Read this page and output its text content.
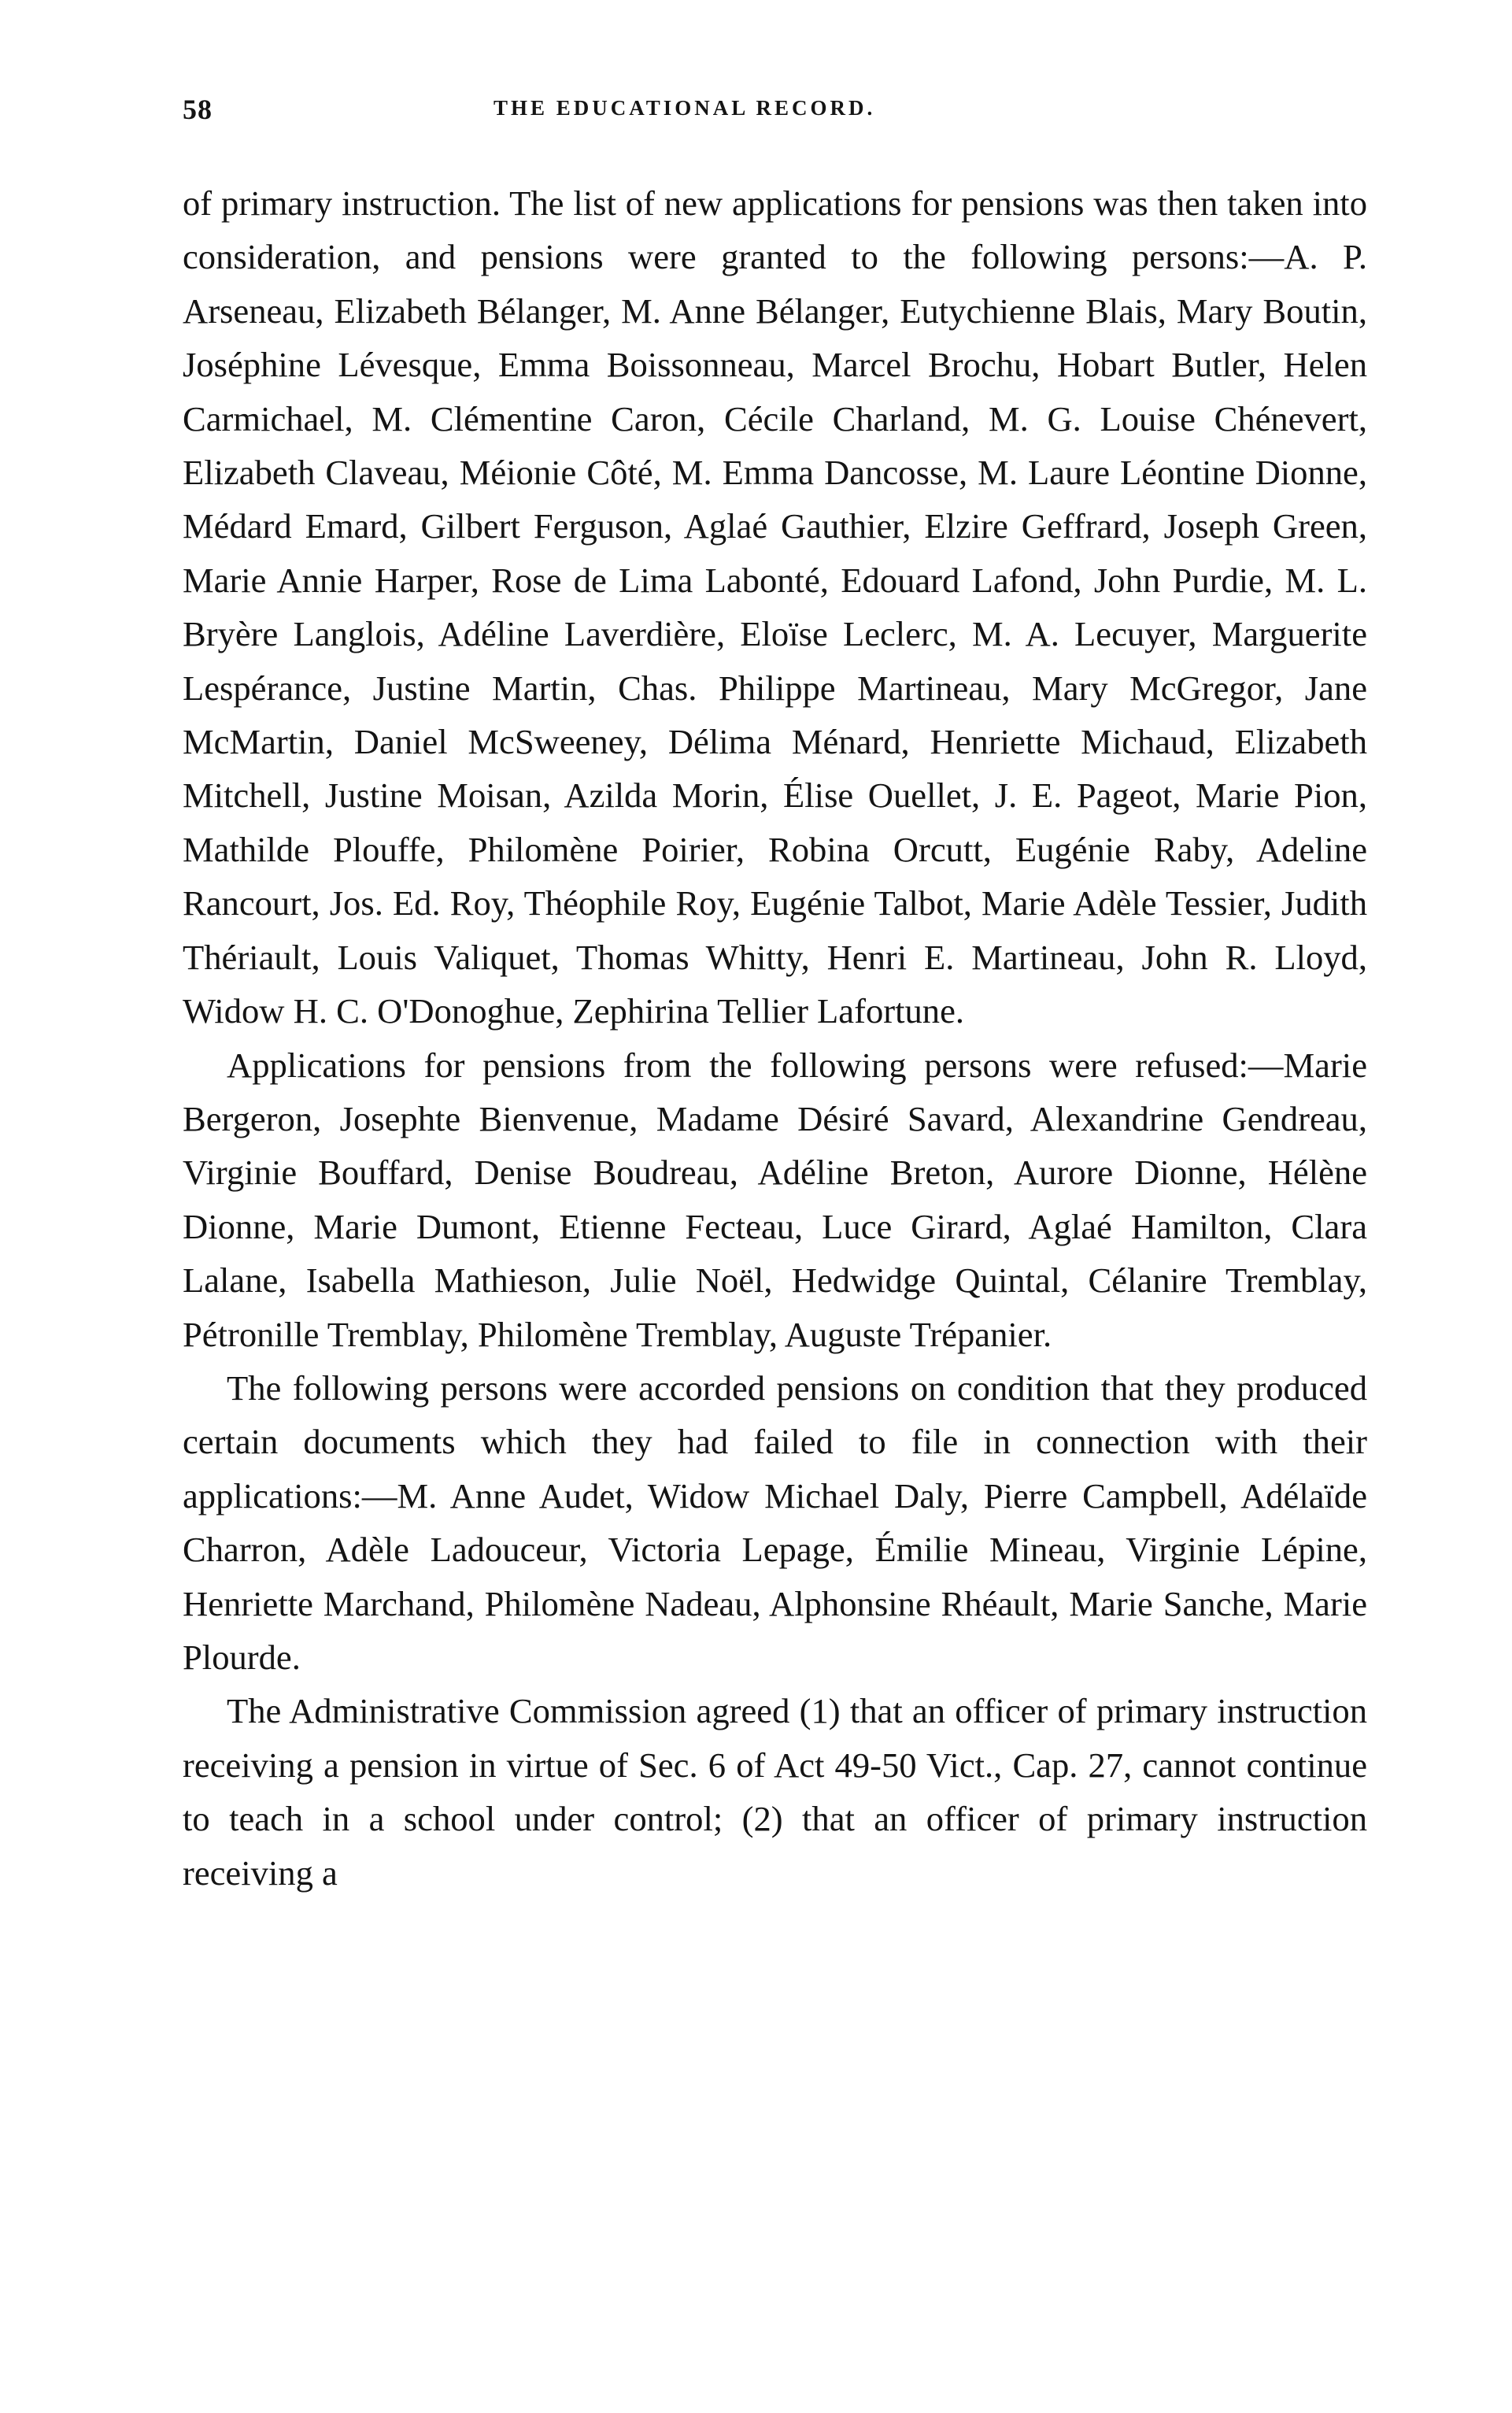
58	THE EDUCATIONAL RECORD.

of primary instruction. The list of new applications for pensions was then taken into consideration, and pensions were granted to the following persons:—A. P. Arseneau, Elizabeth Bélanger, M. Anne Bélanger, Eutychienne Blais, Mary Boutin, Joséphine Lévesque, Emma Boissonneau, Marcel Brochu, Hobart Butler, Helen Carmichael, M. Clémentine Caron, Cécile Charland, M. G. Louise Chénevert, Elizabeth Claveau, Méionie Côté, M. Emma Dancosse, M. Laure Léontine Dionne, Médard Emard, Gilbert Ferguson, Aglaé Gauthier, Elzire Geffrard, Joseph Green, Marie Annie Harper, Rose de Lima Labonté, Edouard Lafond, John Purdie, M. L. Bryère Langlois, Adéline Laverdière, Eloïse Leclerc, M. A. Lecuyer, Marguerite Lespérance, Justine Martin, Chas. Philippe Martineau, Mary McGregor, Jane McMartin, Daniel McSweeney, Délima Ménard, Henriette Michaud, Elizabeth Mitchell, Justine Moisan, Azilda Morin, Élise Ouellet, J. E. Pageot, Marie Pion, Mathilde Plouffe, Philomène Poirier, Robina Orcutt, Eugénie Raby, Adeline Rancourt, Jos. Ed. Roy, Théophile Roy, Eugénie Talbot, Marie Adèle Tessier, Judith Thériault, Louis Valiquet, Thomas Whitty, Henri E. Martineau, John R. Lloyd, Widow H. C. O'Donoghue, Zephirina Tellier Lafortune.

Applications for pensions from the following persons were refused:—Marie Bergeron, Josephte Bienvenue, Madame Désiré Savard, Alexandrine Gendreau, Virginie Bouffard, Denise Boudreau, Adéline Breton, Aurore Dionne, Hélène Dionne, Marie Dumont, Etienne Fecteau, Luce Girard, Aglaé Hamilton, Clara Lalane, Isabella Mathieson, Julie Noël, Hedwidge Quintal, Célanire Tremblay, Pétronille Tremblay, Philomène Tremblay, Auguste Trépanier.

The following persons were accorded pensions on condition that they produced certain documents which they had failed to file in connection with their applications:—M. Anne Audet, Widow Michael Daly, Pierre Campbell, Adélaïde Charron, Adèle Ladouceur, Victoria Lepage, Émilie Mineau, Virginie Lépine, Henriette Marchand, Philomène Nadeau, Alphonsine Rhéault, Marie Sanche, Marie Plourde.

The Administrative Commission agreed (1) that an officer of primary instruction receiving a pension in virtue of Sec. 6 of Act 49-50 Vict., Cap. 27, cannot continue to teach in a school under control; (2) that an officer of primary instruction receiving a
